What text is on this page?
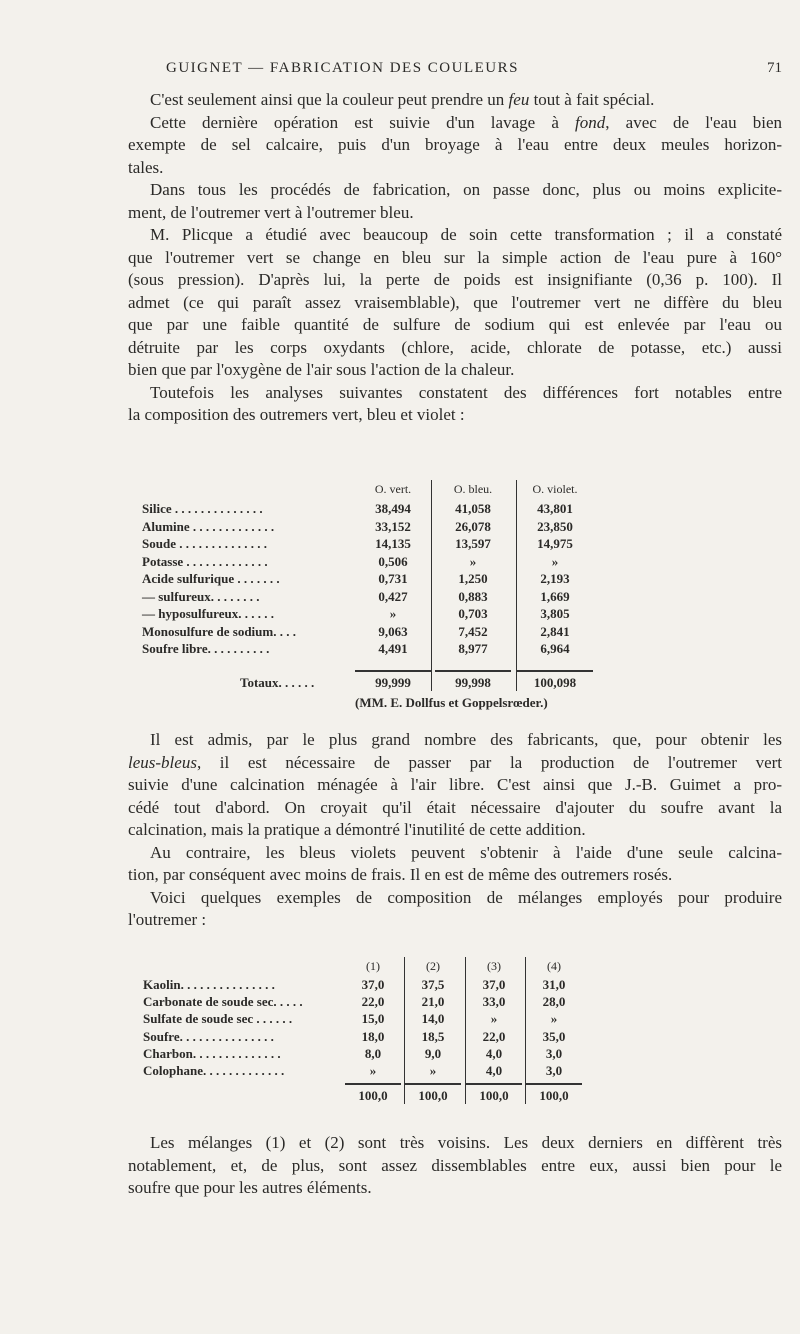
GUIGNET — FABRICATION DES COULEURS	71
C'est seulement ainsi que la couleur peut prendre un feu tout à fait spécial.
Cette dernière opération est suivie d'un lavage à fond, avec de l'eau bien
exempte de sel calcaire, puis d'un broyage à l'eau entre deux meules horizon-
tales.
Dans tous les procédés de fabrication, on passe donc, plus ou moins explicite-
ment, de l'outremer vert à l'outremer bleu.
M. Plicque a étudié avec beaucoup de soin cette transformation ; il a constaté
que l'outremer vert se change en bleu sur la simple action de l'eau pure à 160°
(sous pression). D'après lui, la perte de poids est insignifiante (0,36 p. 100). Il
admet (ce qui paraît assez vraisemblable), que l'outremer vert ne diffère du bleu
que par une faible quantité de sulfure de sodium qui est enlevée par l'eau ou
détruite par les corps oxydants (chlore, acide, chlorate de potasse, etc.) aussi
bien que par l'oxygène de l'air sous l'action de la chaleur.
Toutefois les analyses suivantes constatent des différences fort notables entre
la composition des outremers vert, bleu et violet :
O. vert.	O. bleu.	O. violet.
Silice . . . . . . . . . . . . . .	38,494	41,058	43,801
Alumine . . . . . . . . . . . . .	33,152	26,078	23,850
Soude . . . . . . . . . . . . . .	14,135	13,597	14,975
Potasse . . . . . . . . . . . . .	0,506	»	»
Acide sulfurique . . . . . . .	0,731	1,250	2,193
— sulfureux. . . . . . . .	0,427	0,883	1,669
— hyposulfureux. . . . . .	»	0,703	3,805
Monosulfure de sodium. . . .	9,063	7,452	2,841
Soufre libre. . . . . . . . . .	4,491	8,977	6,964
Totaux. . . . . .	99,999	99,998	100,098
(MM. E. Dollfus et Goppelsrœder.)
Il est admis, par le plus grand nombre des fabricants, que, pour obtenir les
leus-bleus, il est nécessaire de passer par la production de l'outremer vert
suivie d'une calcination ménagée à l'air libre. C'est ainsi que J.-B. Guimet a pro-
cédé tout d'abord. On croyait qu'il était nécessaire d'ajouter du soufre avant la
calcination, mais la pratique a démontré l'inutilité de cette addition.
Au contraire, les bleus violets peuvent s'obtenir à l'aide d'une seule calcina-
tion, par conséquent avec moins de frais. Il en est de même des outremers rosés.
Voici quelques exemples de composition de mélanges employés pour produire
l'outremer :
(1)	(2)	(3)	(4)
Kaolin. . . . . . . . . . . . . . .	37,0	37,5	37,0	31,0
Carbonate de soude sec. . . . .	22,0	21,0	33,0	28,0
Sulfate de soude sec . . . . . .	15,0	14,0	»	»
Soufre. . . . . . . . . . . . . . .	18,0	18,5	22,0	35,0
Charbon. . . . . . . . . . . . . .	8,0	9,0	4,0	3,0
Colophane. . . . . . . . . . . . .	»	»	4,0	3,0
100,0	100,0	100,0	100,0
Les mélanges (1) et (2) sont très voisins. Les deux derniers en diffèrent très
notablement, et, de plus, sont assez dissemblables entre eux, aussi bien pour le
soufre que pour les autres éléments.
